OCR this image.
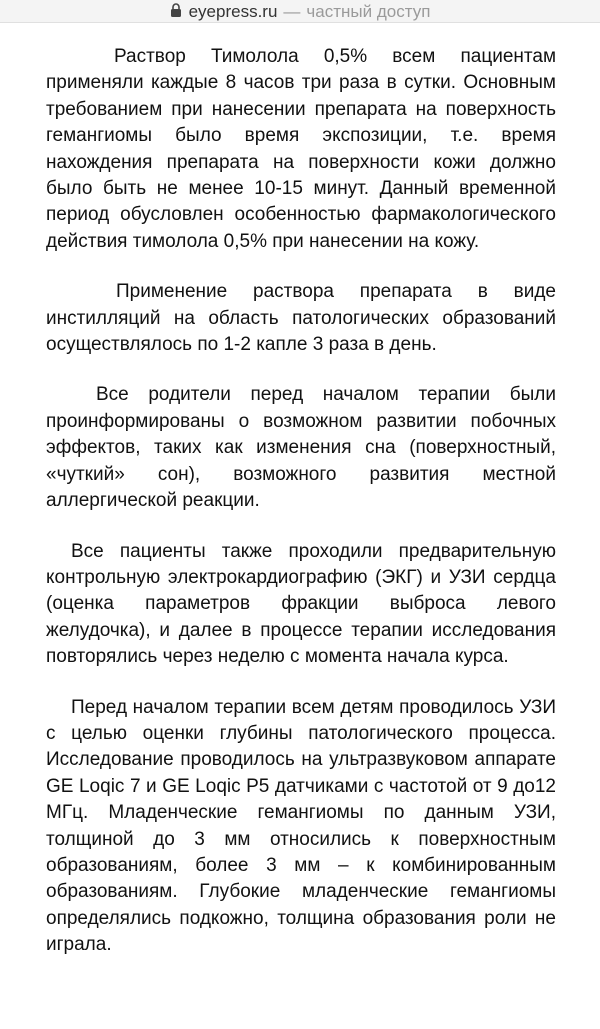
eyepress.ru — частный доступ

Раствор Тимолола 0,5% всем пациентам применяли каждые 8 часов три раза в сутки. Основным требованием при нанесении препарата на поверхность гемангиомы было время экспозиции, т.е. время нахождения препарата на поверхности кожи должно было быть не менее 10-15 минут. Данный временной период обусловлен особенностью фармакологического действия тимолола 0,5% при нанесении на кожу.

Применение раствора препарата в виде инстилляций на область патологических образований осуществлялось по 1-2 капле 3 раза в день.

Все родители перед началом терапии были проинформированы о возможном развитии побочных эффектов, таких как изменения сна (поверхностный, «чуткий» сон), возможного развития местной аллергической реакции.

Все пациенты также проходили предварительную контрольную электрокардиографию (ЭКГ) и УЗИ сердца (оценка параметров фракции выброса левого желудочка), и далее в процессе терапии исследования повторялись через неделю с момента начала курса.

Перед началом терапии всем детям проводилось УЗИ с целью оценки глубины патологического процесса. Исследование проводилось на ультразвуковом аппарате GE Loqic 7 и GE Loqic P5 датчиками с частотой от 9 до12 МГц. Младенческие гемангиомы по данным УЗИ, толщиной до 3 мм относились к поверхностным образованиям, более 3 мм – к комбинированным образованиям. Глубокие младенческие гемангиомы определялись подкожно, толщина образования роли не играла.
